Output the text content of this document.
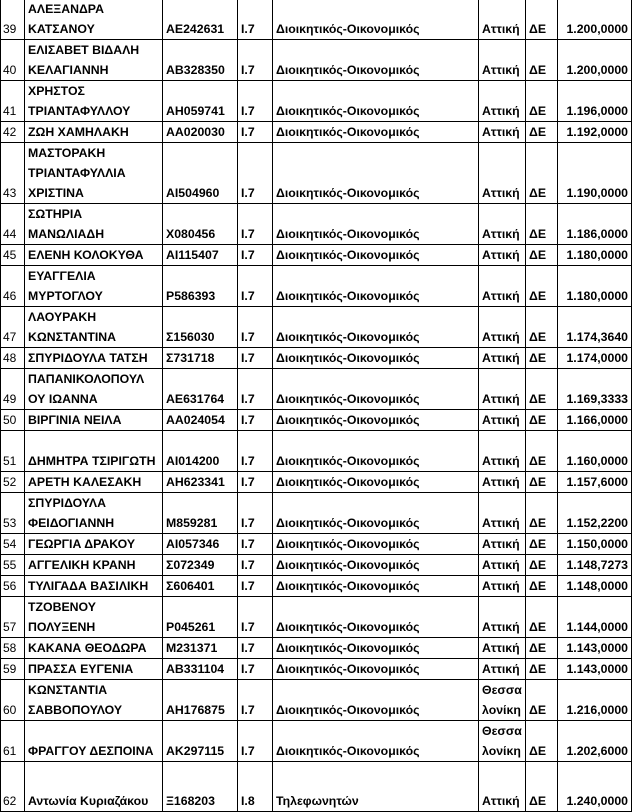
39	ΑΛΕΞΑΝΔΡΑ
ΚΑΤΣΑΝΟΥ	ΑΕ242631	Ι.7	Διοικητικός-Οικονομικός	Αττική	ΔΕ	1.200,0000
40	ΕΛΙΣΑΒΕΤ ΒΙΔΑΛΗ
ΚΕΛΑΓΙΑΝΝΗ	ΑΒ328350	Ι.7	Διοικητικός-Οικονομικός	Αττική	ΔΕ	1.200,0000
41	ΧΡΗΣΤΟΣ
ΤΡΙΑΝΤΑΦΥΛΛΟΥ	ΑΗ059741	Ι.7	Διοικητικός-Οικονομικός	Αττική	ΔΕ	1.196,0000
42	ΖΩΗ ΧΑΜΗΛΑΚΗ	ΑΑ020030	Ι.7	Διοικητικός-Οικονομικός	Αττική	ΔΕ	1.192,0000
43	ΜΑΣΤΟΡΑΚΗ
ΤΡΙΑΝΤΑΦΥΛΛΙΑ
ΧΡΙΣΤΙΝΑ	ΑΙ504960	Ι.7	Διοικητικός-Οικονομικός	Αττική	ΔΕ	1.190,0000
44	ΣΩΤΗΡΙΑ
ΜΑΝΩΛΙΑΔΗ	Χ080456	Ι.7	Διοικητικός-Οικονομικός	Αττική	ΔΕ	1.186,0000
45	ΕΛΕΝΗ ΚΟΛΟΚΥΘΑ	ΑΙ115407	Ι.7	Διοικητικός-Οικονομικός	Αττική	ΔΕ	1.180,0000
46	ΕΥΑΓΓΕΛΙΑ
ΜΥΡΤΟΓΛΟΥ	Ρ586393	Ι.7	Διοικητικός-Οικονομικός	Αττική	ΔΕ	1.180,0000
47	ΛΑΟΥΡΑΚΗ
ΚΩΝΣΤΑΝΤΙΝΑ	Σ156030	Ι.7	Διοικητικός-Οικονομικός	Αττική	ΔΕ	1.174,3640
48	ΣΠΥΡΙΔΟΥΛΑ ΤΑΤΣΗ	Σ731718	Ι.7	Διοικητικός-Οικονομικός	Αττική	ΔΕ	1.174,0000
49	ΠΑΠΑΝΙΚΟΛΟΠΟΥΛ
ΟΥ ΙΩΑΝΝΑ	ΑΕ631764	Ι.7	Διοικητικός-Οικονομικός	Αττική	ΔΕ	1.169,3333
50	ΒΙΡΓΙΝΙΑ ΝΕΙΛΑ	ΑΑ024054	Ι.7	Διοικητικός-Οικονομικός	Αττική	ΔΕ	1.166,0000
51	ΔΗΜΗΤΡΑ ΤΣΙΡΙΓΩΤΗ	ΑΙ014200	Ι.7	Διοικητικός-Οικονομικός	Αττική	ΔΕ	1.160,0000
52	ΑΡΕΤΗ ΚΑΛΕΣΑΚΗ	ΑΗ623341	Ι.7	Διοικητικός-Οικονομικός	Αττική	ΔΕ	1.157,6000
53	ΣΠΥΡΙΔΟΥΛΑ
ΦΕΙΔΟΓΙΑΝΝΗ	Μ859281	Ι.7	Διοικητικός-Οικονομικός	Αττική	ΔΕ	1.152,2200
54	ΓΕΩΡΓΙΑ ΔΡΑΚΟΥ	ΑΙ057346	Ι.7	Διοικητικός-Οικονομικός	Αττική	ΔΕ	1.150,0000
55	ΑΓΓΕΛΙΚΗ ΚΡΑΝΗ	Σ072349	Ι.7	Διοικητικός-Οικονομικός	Αττική	ΔΕ	1.148,7273
56	ΤΥΛΙΓΑΔΑ ΒΑΣΙΛΙΚΗ	Σ606401	Ι.7	Διοικητικός-Οικονομικός	Αττική	ΔΕ	1.148,0000
57	ΤΖΟΒΕΝΟΥ
ΠΟΛΥΞΕΝΗ	Ρ045261	Ι.7	Διοικητικός-Οικονομικός	Αττική	ΔΕ	1.144,0000
58	ΚΑΚΑΝΑ ΘΕΟΔΩΡΑ	Μ231371	Ι.7	Διοικητικός-Οικονομικός	Αττική	ΔΕ	1.143,0000
59	ΠΡΑΣΣΑ ΕΥΓΕΝΙΑ	ΑΒ331104	Ι.7	Διοικητικός-Οικονομικός	Αττική	ΔΕ	1.143,0000
60	ΚΩΝΣΤΑΝΤΙΑ
ΣΑΒΒΟΠΟΥΛΟΥ	ΑΗ176875	Ι.7	Διοικητικός-Οικονομικός	Θεσσα
λονίκη	ΔΕ	1.216,0000
61	ΦΡΑΓΓΟΥ ΔΕΣΠΟΙΝΑ	ΑΚ297115	Ι.7	Διοικητικός-Οικονομικός	Θεσσα
λονίκη	ΔΕ	1.202,6000
62	Αντωνία Κυριαζάκου	Ξ168203	Ι.8	Τηλεφωνητών	Αττική	ΔΕ	1.240,0000
